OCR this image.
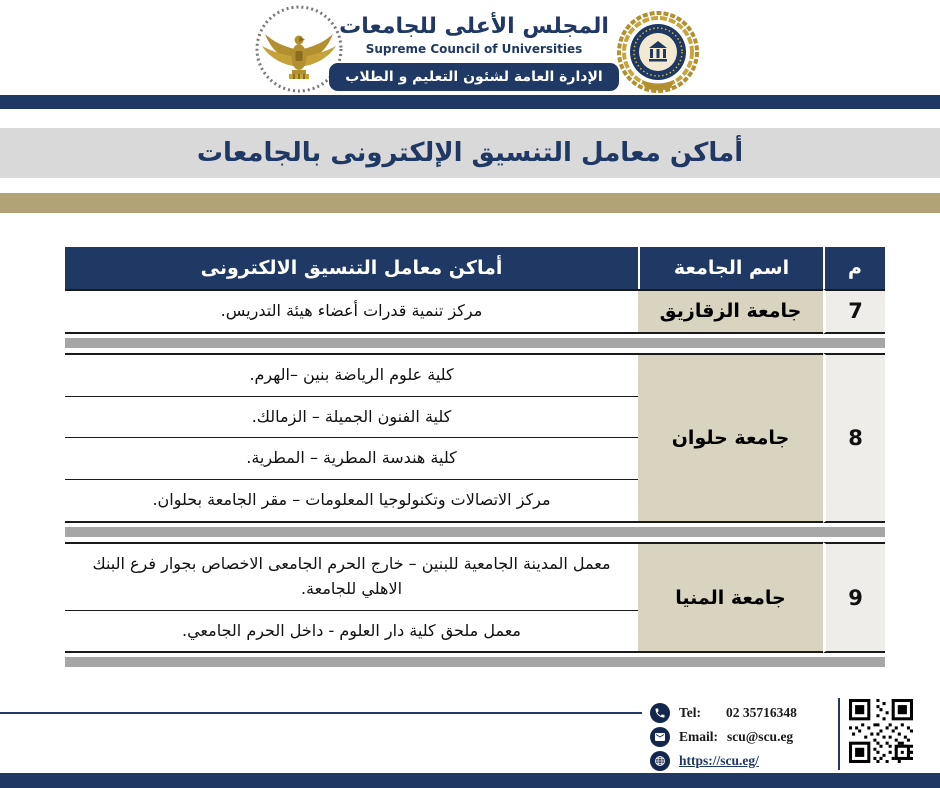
المجلس الأعلى للجامعات
Supreme Council of Universities
الإدارة العامة لشئون التعليم و الطلاب
أماكن معامل التنسيق الإلكترونى بالجامعات
م	اسم الجامعة	أماكن معامل التنسيق الالكترونى
7	جامعة الزقازيق	مركز تنمية قدرات أعضاء هيئة التدريس.

8	جامعة حلوان	كلية علوم الرياضة بنين –الهرم.
		كلية الفنون الجميلة – الزمالك.
		كلية هندسة المطرية – المطرية.
		مركز الاتصالات وتكنولوجيا المعلومات – مقر الجامعة بحلوان.

9	جامعة المنيا	معمل المدينة الجامعية للبنين – خارج الحرم الجامعى الاخصاص بجوار فرع البنك الاهلي للجامعة.
		معمل ملحق كلية دار العلوم - داخل الحرم الجامعي.

Tel:	02 35716348
Email: scu@scu.eg
https://scu.eg/
